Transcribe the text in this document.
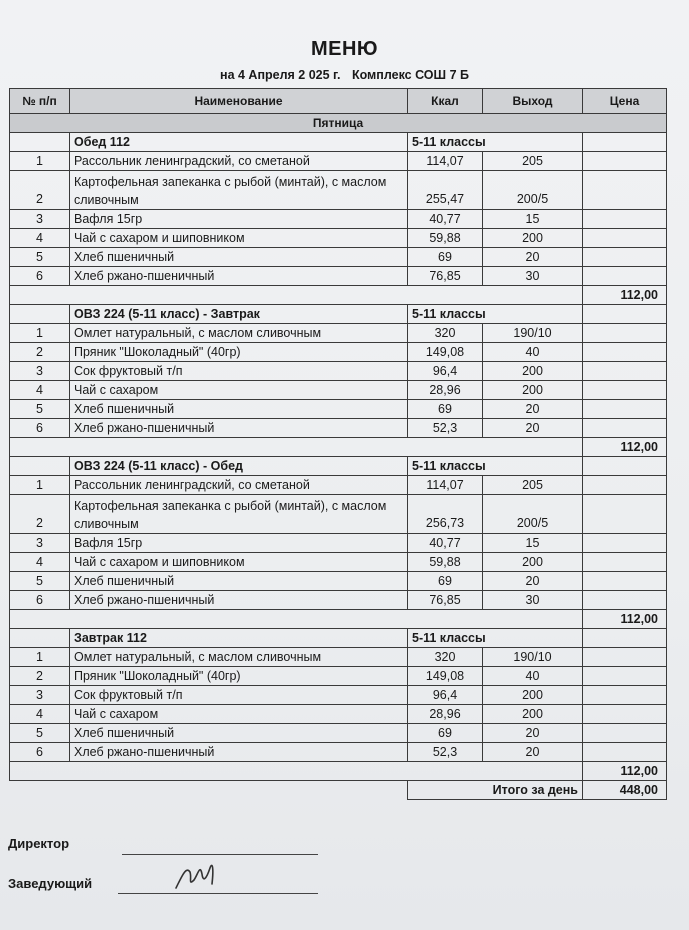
МЕНЮ
на 4 Апреля 2 025 г. Комплекс СОШ 7 Б
№ п/п	Наименование	Ккал	Выход	Цена
Пятница				
	Обед 112	5-11 классы		
1	Рассольник ленинградский, со сметаной	114,07	205	
2	Картофельная запеканка с рыбой (минтай), с маслом сливочным	255,47	200/5	
3	Вафля 15гр	40,77	15	
4	Чай с сахаром и шиповником	59,88	200	
5	Хлеб пшеничный	69	20	
6	Хлеб ржано-пшеничный	76,85	30	
				112,00
	ОВЗ 224 (5-11 класс) - Завтрак	5-11 классы		
1	Омлет натуральный, с маслом сливочным	320	190/10	
2	Пряник "Шоколадный" (40гр)	149,08	40	
3	Сок фруктовый т/п	96,4	200	
4	Чай с сахаром	28,96	200	
5	Хлеб пшеничный	69	20	
6	Хлеб ржано-пшеничный	52,3	20	
				112,00
	ОВЗ 224 (5-11 класс) - Обед	5-11 классы		
1	Рассольник ленинградский, со сметаной	114,07	205	
2	Картофельная запеканка с рыбой (минтай), с маслом сливочным	256,73	200/5	
3	Вафля 15гр	40,77	15	
4	Чай с сахаром и шиповником	59,88	200	
5	Хлеб пшеничный	69	20	
6	Хлеб ржано-пшеничный	76,85	30	
				112,00
	Завтрак 112	5-11 классы		
1	Омлет натуральный, с маслом сливочным	320	190/10	
2	Пряник "Шоколадный" (40гр)	149,08	40	
3	Сок фруктовый т/п	96,4	200	
4	Чай с сахаром	28,96	200	
5	Хлеб пшеничный	69	20	
6	Хлеб ржано-пшеничный	52,3	20	
				112,00
		Итого за день		448,00
Директор
Заведующий
